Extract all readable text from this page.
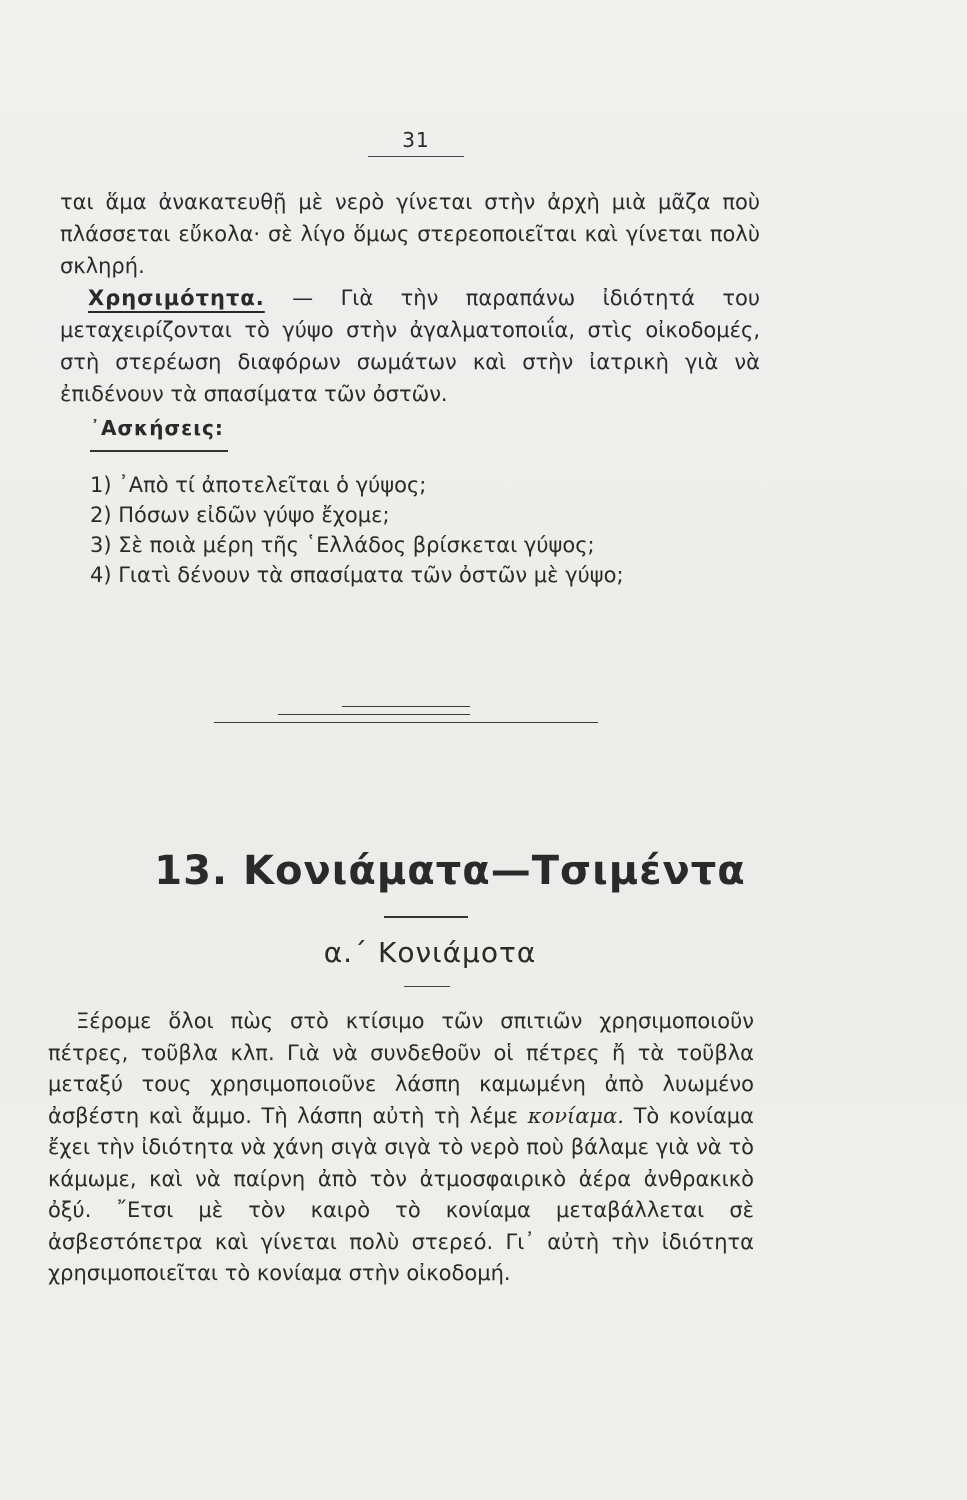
31

ται ἅμα ἀνακατευθῇ μὲ νερὸ γίνεται στὴν ἀρχὴ μιὰ μᾶζα ποὺ πλάσσεται εὔκολα· σὲ λίγο ὅμως στερεοποιεῖται καὶ γίνεται πολὺ σκληρή.

Χρησιμότητα. — Γιὰ τὴν παραπάνω ἰδιότητά του μεταχειρίζονται τὸ γύψο στὴν ἀγαλματοποιΐα, στὶς οἰκοδομές, στὴ στερέωση διαφόρων σωμάτων καὶ στὴν ἰατρικὴ γιὰ νὰ ἐπιδένουν τὰ σπασίματα τῶν ὀστῶν.

᾿Ασκήσεις:
1) ᾿Απὸ τί ἀποτελεῖται ὁ γύψος;
2) Πόσων εἰδῶν γύψο ἔχομε;
3) Σὲ ποιὰ μέρη τῆς ῾Ελλάδος βρίσκεται γύψος;
4) Γιατὶ δένουν τὰ σπασίματα τῶν ὀστῶν μὲ γύψο;
13. Κονιάματα—Τσιμέντα
α.΄ Κονιάμοτα

Ξέρομε ὅλοι πὼς στὸ κτίσιμο τῶν σπιτιῶν χρησιμοποιοῦν πέτρες, τοῦβλα κλπ. Γιὰ νὰ συνδεθοῦν οἱ πέτρες ἤ τὰ τοῦβλα μεταξύ τους χρησιμοποιοῦνε λάσπη καμωμένη ἀπὸ λυωμένο ἀσβέστη καὶ ἄμμο. Τὴ λάσπη αὐτὴ τὴ λέμε κονίαμα. Τὸ κονίαμα ἔχει τὴν ἰδιότητα νὰ χάνη σιγὰ σιγὰ τὸ νερὸ ποὺ βάλαμε γιὰ νὰ τὸ κάμωμε, καὶ νὰ παίρνη ἀπὸ τὸν ἀτμοσφαιρικὸ ἀέρα ἀνθρακικὸ ὀξύ. ῎Ετσι μὲ τὸν καιρὸ τὸ κονίαμα μεταβάλλεται σὲ ἀσβεστόπετρα καὶ γίνεται πολὺ στερεό. Γι᾿ αὐτὴ τὴν ἰδιότητα χρησιμοποιεῖται τὸ κονίαμα στὴν οἰκοδομή.
